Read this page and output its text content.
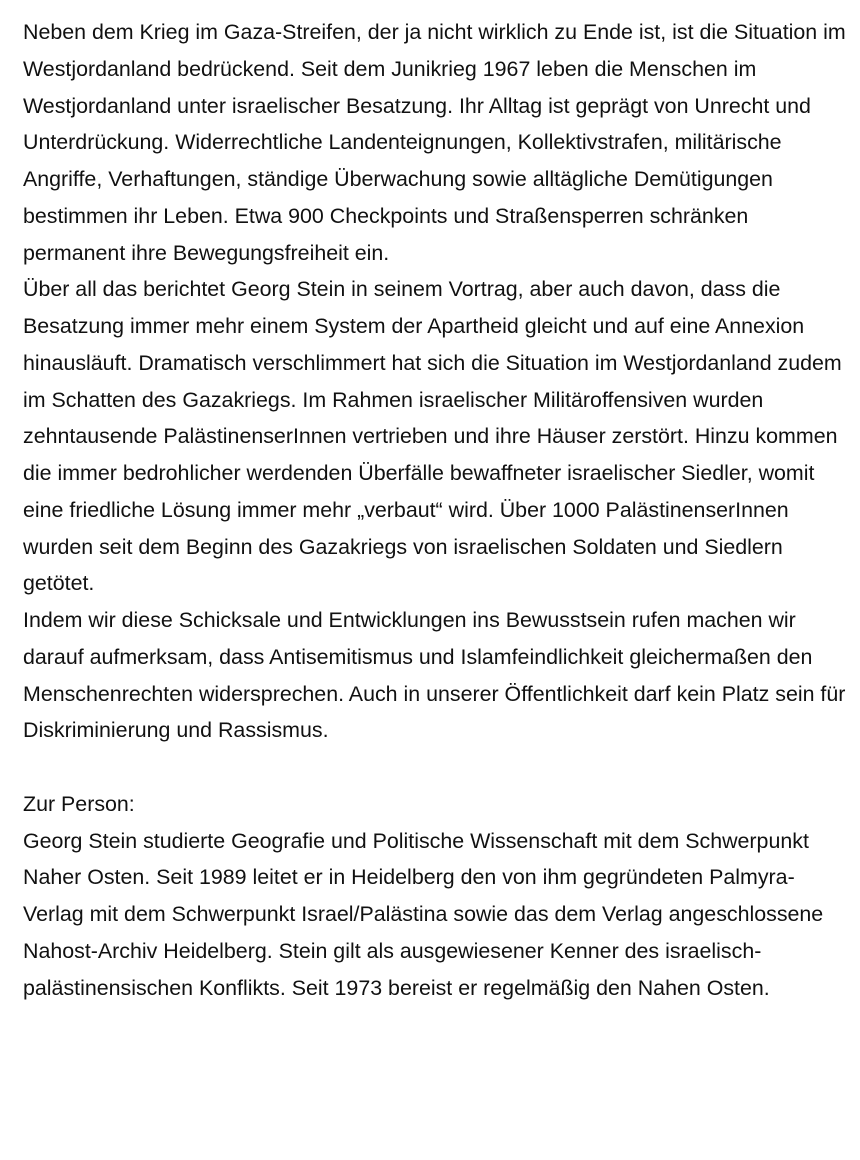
Neben dem Krieg im Gaza-Streifen, der ja nicht wirklich zu Ende ist, ist die Situation im Westjordanland bedrückend. Seit dem Junikrieg 1967 leben die Menschen im Westjordanland unter israelischer Besatzung. Ihr Alltag ist geprägt von Unrecht und Unterdrückung. Widerrechtliche Landenteignungen, Kollektivstrafen, militärische Angriffe, Verhaftungen, ständige Überwachung sowie alltägliche Demütigungen bestimmen ihr Leben. Etwa 900 Checkpoints und Straßensperren schränken permanent ihre Bewegungsfreiheit ein.

Über all das berichtet Georg Stein in seinem Vortrag, aber auch davon, dass die Besatzung immer mehr einem System der Apartheid gleicht und auf eine Annexion hinausläuft. Dramatisch verschlimmert hat sich die Situation im Westjordanland zudem im Schatten des Gazakriegs. Im Rahmen israelischer Militäroffensiven wurden zehntausende PalästinenserInnen vertrieben und ihre Häuser zerstört. Hinzu kommen die immer bedrohlicher werdenden Überfälle bewaffneter israelischer Siedler, womit eine friedliche Lösung immer mehr „verbaut“ wird. Über 1000 PalästinenserInnen wurden seit dem Beginn des Gazakriegs von israelischen Soldaten und Siedlern getötet.

Indem wir diese Schicksale und Entwicklungen ins Bewusstsein rufen machen wir darauf aufmerksam, dass Antisemitismus und Islamfeindlichkeit gleichermaßen den Menschenrechten widersprechen. Auch in unserer Öffentlichkeit darf kein Platz sein für Diskriminierung und Rassismus.

Zur Person:

Georg Stein studierte Geografie und Politische Wissenschaft mit dem Schwerpunkt Naher Osten. Seit 1989 leitet er in Heidelberg den von ihm gegründeten Palmyra-Verlag mit dem Schwerpunkt Israel/Palästina sowie das dem Verlag angeschlossene Nahost-Archiv Heidelberg. Stein gilt als ausgewiesener Kenner des israelisch-palästinensischen Konflikts. Seit 1973 bereist er regelmäßig den Nahen Osten.
